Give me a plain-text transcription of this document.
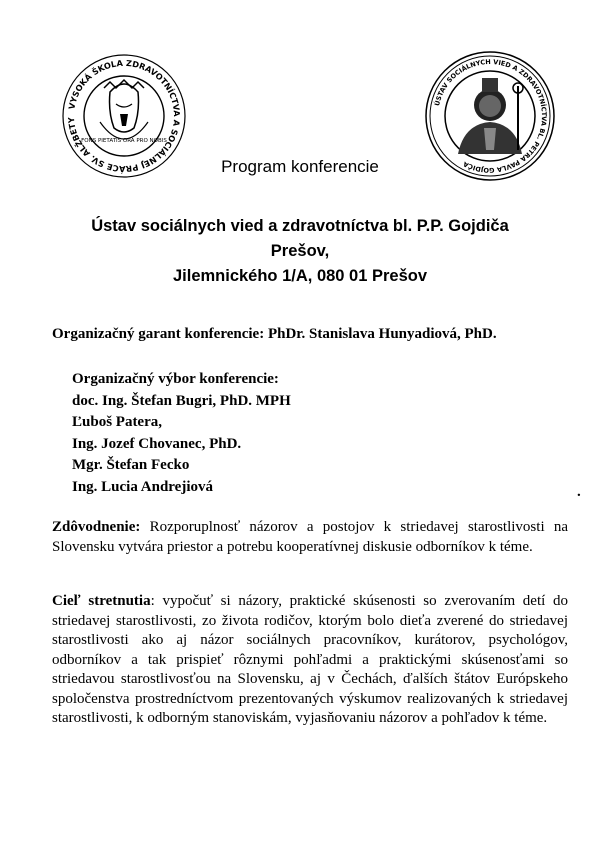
VYSOKÁ ŠKOLA ZDRAVOTNÍCTVA A SOCIÁLNEJ PRÁCE SV. ALŽBETY
FONS PIETATIS ORA PRO NOBIS
ÚSTAV SOCIÁLNYCH VIED A ZDRAVOTNÍCTVA BL. PETRA PAVLA GOJDIČA
Program konferencie
Ústav sociálnych vied a zdravotníctva bl. P.P. Gojdiča
Prešov,
Jilemnického 1/A, 080 01 Prešov
Organizačný garant konferencie: PhDr. Stanislava Hunyadiová, PhD.
Organizačný výbor konferencie:
doc. Ing. Štefan Bugri, PhD. MPH
Ľuboš Patera,
Ing. Jozef Chovanec, PhD.
Mgr. Štefan Fecko
Ing. Lucia Andrejiová	.
Zdôvodnenie: Rozporuplnosť názorov a postojov k striedavej starostlivosti na Slovensku vytvára priestor a potrebu kooperatívnej diskusie odborníkov k téme.
Cieľ stretnutia: vypočuť si názory, praktické skúsenosti so zverovaním detí do striedavej starostlivosti, zo života rodičov, ktorým bolo dieťa zverené do striedavej starostlivosti ako aj názor sociálnych pracovníkov, kurátorov, psychológov, odborníkov a tak prispieť rôznymi pohľadmi a praktickými skúsenosťami so striedavou starostlivosťou na Slovensku, aj v Čechách, ďalších štátov Európskeho spoločenstva prostredníctvom prezentovaných výskumov realizovaných k striedavej starostlivosti, k odborným stanoviskám, vyjasňovaniu názorov a pohľadov k téme.
